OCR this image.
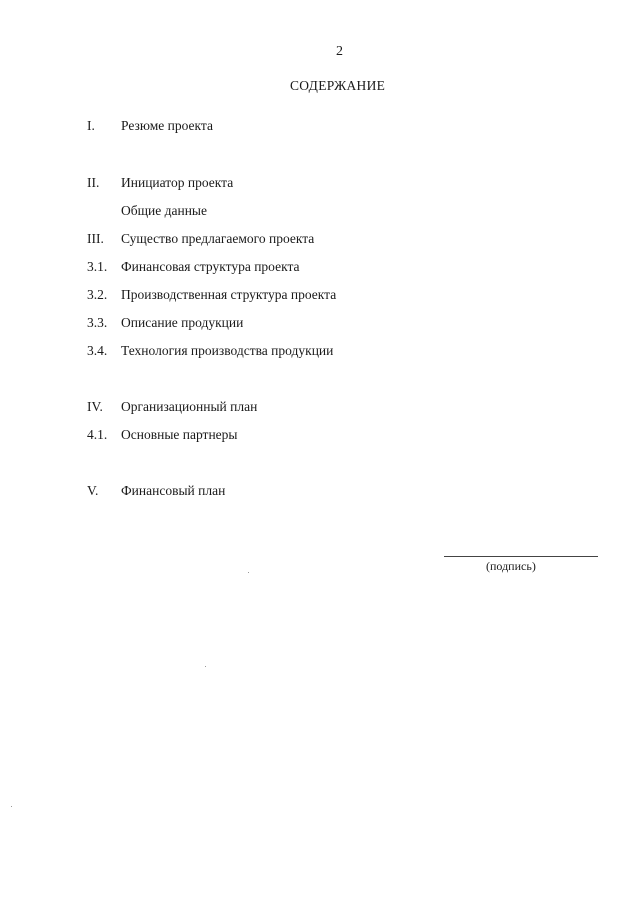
2
СОДЕРЖАНИЕ
I. Резюме проекта
II. Инициатор проекта
Общие данные
III. Существо предлагаемого проекта
3.1. Финансовая структура проекта
3.2. Производственная структура проекта
3.3. Описание продукции
3.4. Технология производства продукции
IV. Организационный план
4.1. Основные партнеры
V. Финансовый план
(подпись)
